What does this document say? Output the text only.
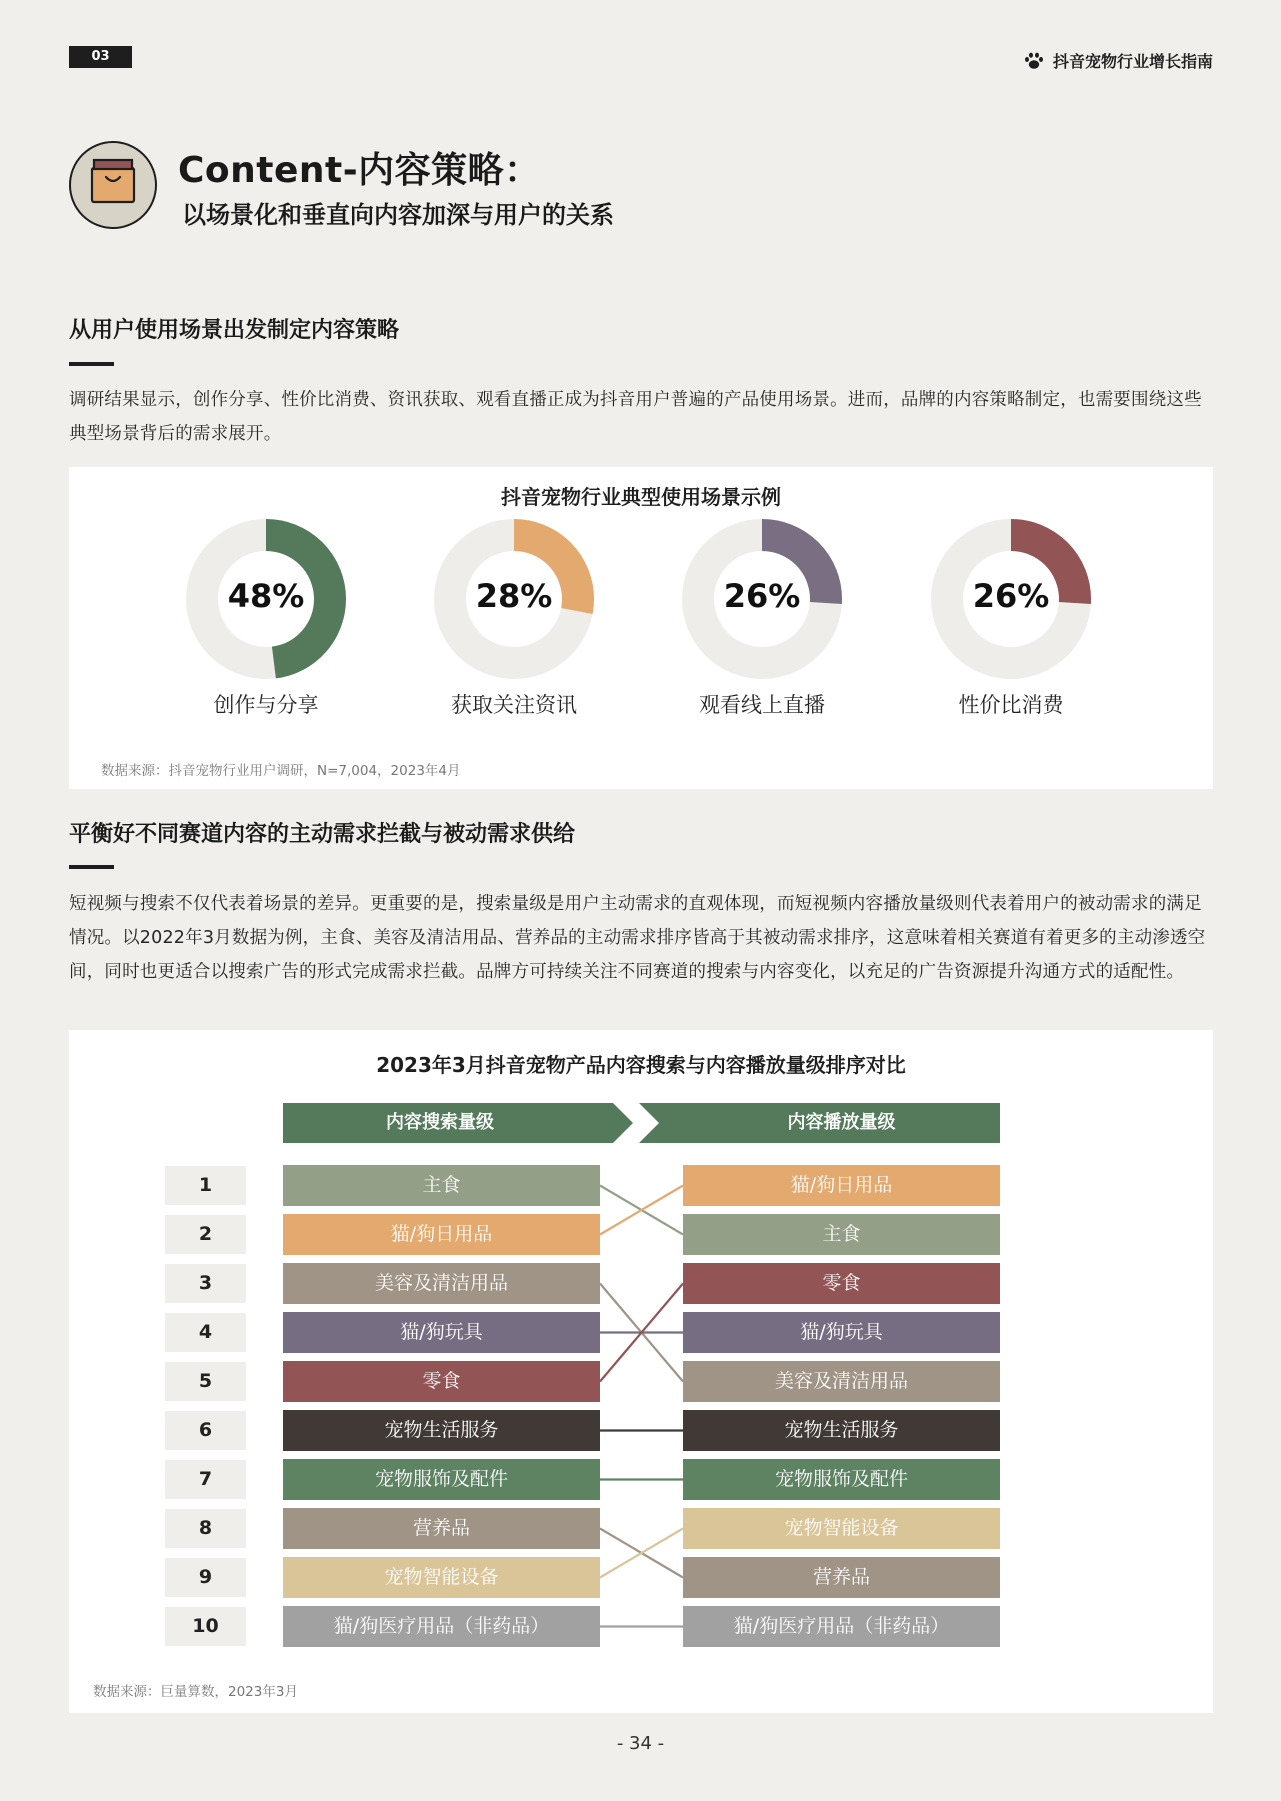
03	抖音宠物行业增长指南
Content-内容策略：
以场景化和垂直向内容加深与用户的关系
从用户使用场景出发制定内容策略
调研结果显示，创作分享、性价比消费、资讯获取、观看直播正成为抖音用户普遍的产品使用场景。进而，品牌的内容策略制定，也需要围绕这些典型场景背后的需求展开。
抖音宠物行业典型使用场景示例
48%
创作与分享
28%
获取关注资讯
26%
观看线上直播
26%
性价比消费
数据来源：抖音宠物行业用户调研，N=7,004，2023年4月
平衡好不同赛道内容的主动需求拦截与被动需求供给
短视频与搜索不仅代表着场景的差异。更重要的是，搜索量级是用户主动需求的直观体现，而短视频内容播放量级则代表着用户的被动需求的满足情况。以2022年3月数据为例，主食、美容及清洁用品、营养品的主动需求排序皆高于其被动需求排序，这意味着相关赛道有着更多的主动渗透空间，同时也更适合以搜索广告的形式完成需求拦截。品牌方可持续关注不同赛道的搜索与内容变化，以充足的广告资源提升沟通方式的适配性。
2023年3月抖音宠物产品内容搜索与内容播放量级排序对比
内容搜索量级	内容播放量级
1	主食	猫/狗日用品
2	猫/狗日用品	主食
3	美容及清洁用品	零食
4	猫/狗玩具	猫/狗玩具
5	零食	美容及清洁用品
6	宠物生活服务	宠物生活服务
7	宠物服饰及配件	宠物服饰及配件
8	营养品	宠物智能设备
9	宠物智能设备	营养品
10	猫/狗医疗用品（非药品）	猫/狗医疗用品（非药品）
数据来源：巨量算数，2023年3月
- 34 -
